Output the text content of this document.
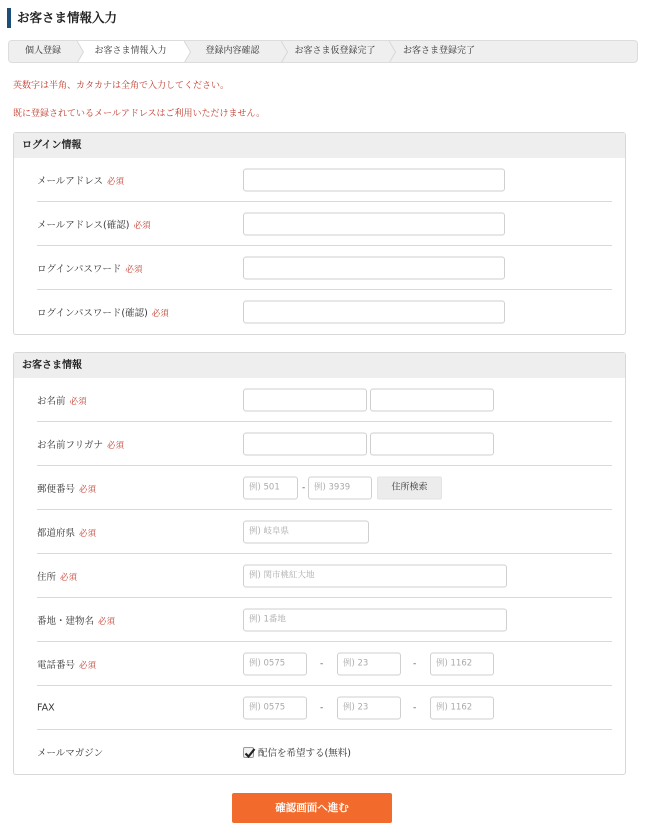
お客さま情報入力
個人登録	お客さま情報入力	登録内容確認	お客さま仮登録完了	お客さま登録完了
英数字は半角、カタカナは全角で入力してください。
既に登録されているメールアドレスはご利用いただけません。
ログイン情報
メールアドレス 必須
メールアドレス(確認) 必須
ログインパスワード 必須
ログインパスワード(確認) 必須
お客さま情報
お名前 必須
お名前フリガナ 必須
郵便番号 必須	例) 501	-	例) 3939	住所検索
都道府県 必須	例) 岐阜県
住所 必須	例) 関市桃紅大地
番地・建物名 必須	例) 1番地
電話番号 必須	例) 0575	-	例) 23	-	例) 1162
FAX	例) 0575	-	例) 23	-	例) 1162
メールマガジン	配信を希望する(無料)
確認画面へ進む
